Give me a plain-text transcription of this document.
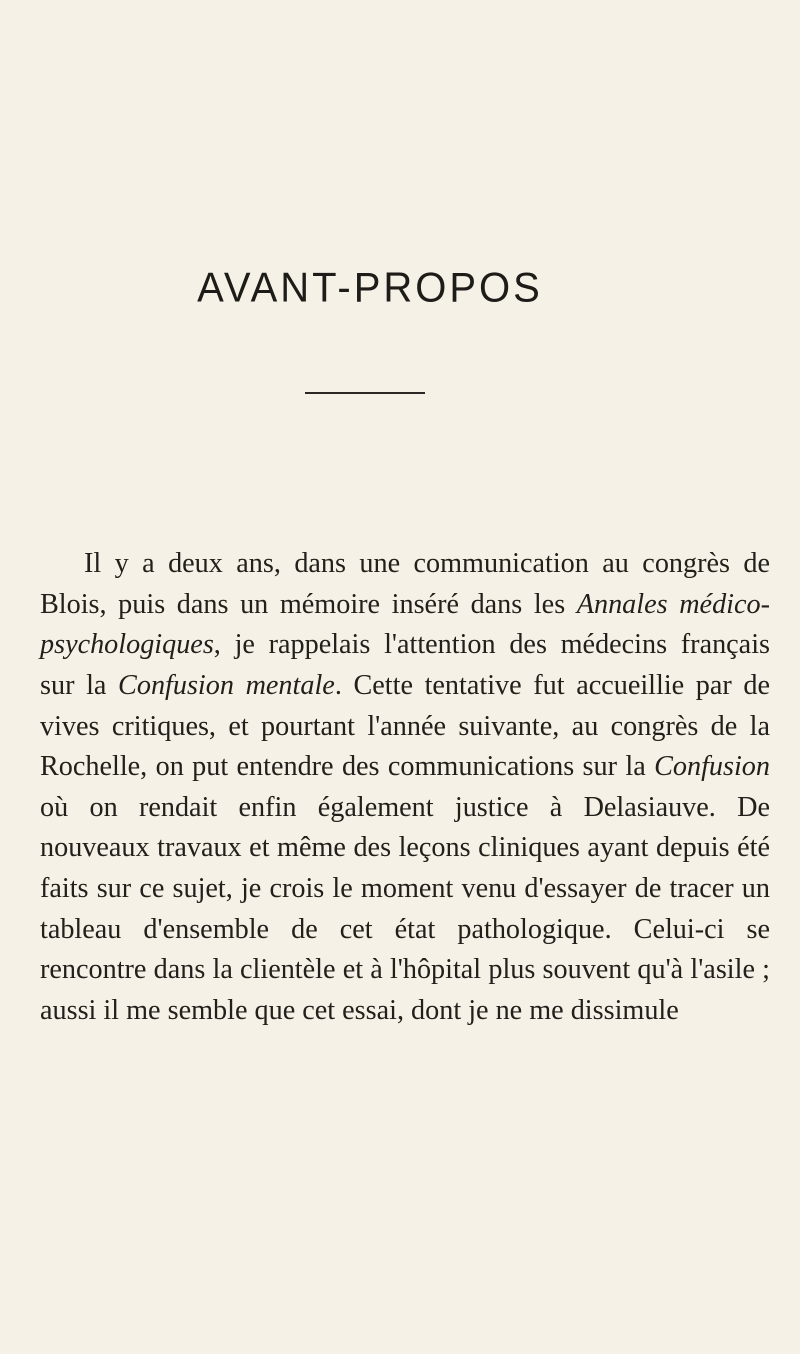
AVANT-PROPOS

Il y a deux ans, dans une communication au congrès de Blois, puis dans un mémoire inséré dans les Annales médico-psychologiques, je rappelais l'attention des médecins français sur la Confusion mentale. Cette tentative fut accueillie par de vives critiques, et pourtant l'année suivante, au congrès de la Rochelle, on put entendre des communications sur la Confusion où on rendait enfin également justice à Delasiauve. De nouveaux travaux et même des leçons cliniques ayant depuis été faits sur ce sujet, je crois le moment venu d'essayer de tracer un tableau d'ensemble de cet état pathologique. Celui-ci se rencontre dans la clientèle et à l'hôpital plus souvent qu'à l'asile ; aussi il me semble que cet essai, dont je ne me dissimule
